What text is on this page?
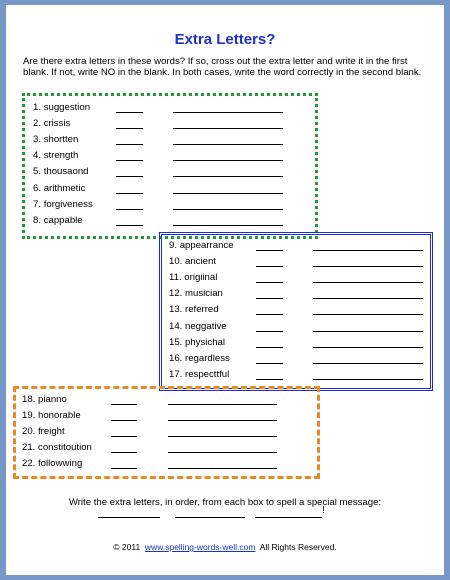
Extra Letters?
Are there extra letters in these words? If so, cross out the extra letter and write it in the first blank. If not, write NO in the blank. In both cases, write the word correctly in the second blank.
1. suggestion
2. crissis
3. shortten
4. strength
5. thousaond
6. arithmetic
7. forgiveness
8. cappable
9. appearrance
10. ancient
11. origiinal
12. musician
13. referred
14. neggative
15. physichal
16. regardless
17. respecttful
18. pianno
19. honorable
20. freight
21. constitoution
22. followwing
Write the extra letters, in order, from each box to spell a special message:
!
© 2011 www.spelling-words-well.com All Rights Reserved.
